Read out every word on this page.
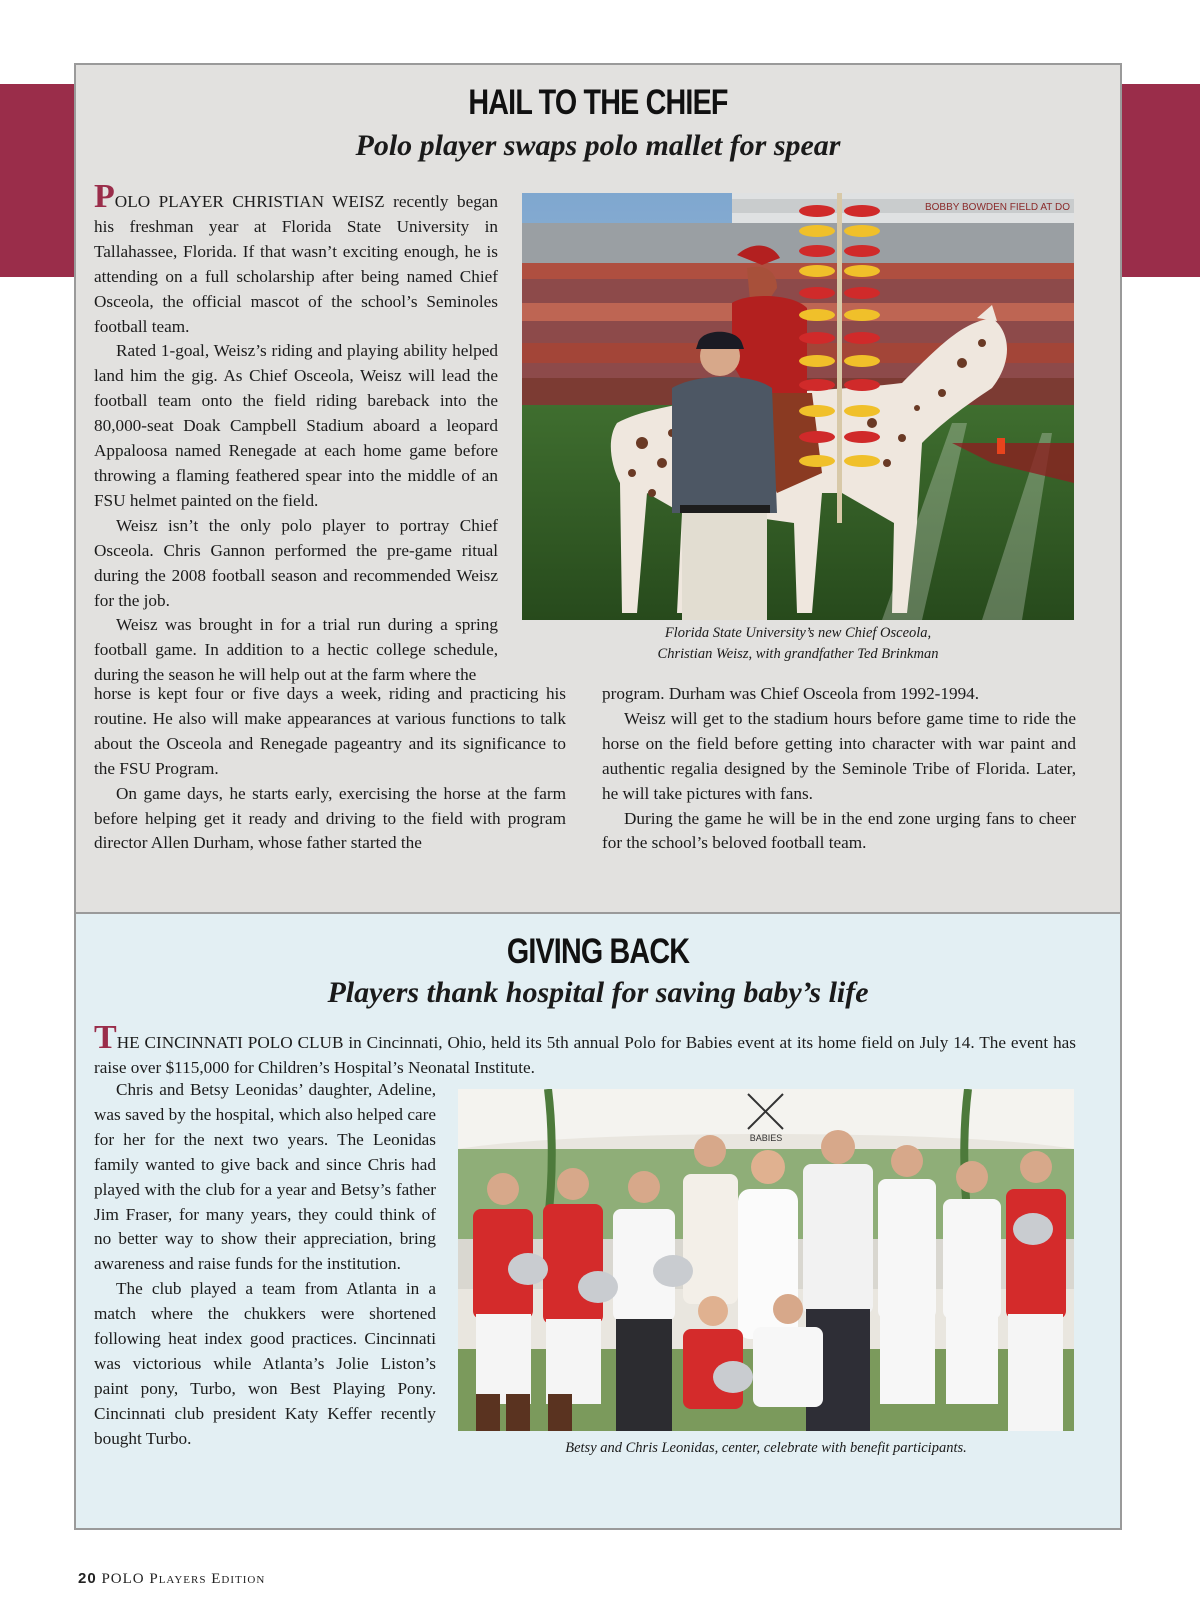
HAIL TO THE CHIEF
Polo player swaps polo mallet for spear

POLO PLAYER CHRISTIAN WEISZ recently began his freshman year at Florida State University in Tallahassee, Florida. If that wasn’t exciting enough, he is attending on a full scholarship after being named Chief Osceola, the official mascot of the school’s Seminoles football team.

Rated 1-goal, Weisz’s riding and playing ability helped land him the gig. As Chief Osceola, Weisz will lead the football team onto the field riding bareback into the 80,000-seat Doak Campbell Stadium aboard a leopard Appaloosa named Renegade at each home game before throwing a flaming feathered spear into the middle of an FSU helmet painted on the field.

Weisz isn’t the only polo player to portray Chief Osceola. Chris Gannon performed the pre-game ritual during the 2008 football season and recommended Weisz for the job.

Weisz was brought in for a trial run during a spring football game. In addition to a hectic college schedule, during the season he will help out at the farm where the

horse is kept four or five days a week, riding and practicing his routine. He also will make appearances at various functions to talk about the Osceola and Renegade pageantry and its significance to the FSU Program.

On game days, he starts early, exercising the horse at the farm before helping get it ready and driving to the field with program director Allen Durham, whose father started the

program. Durham was Chief Osceola from 1992-1994.

Weisz will get to the stadium hours before game time to ride the horse on the field before getting into character with war paint and authentic regalia designed by the Seminole Tribe of Florida. Later, he will take pictures with fans.

During the game he will be in the end zone urging fans to cheer for the school’s beloved football team.

BOBBY BOWDEN FIELD AT DO
Florida State University’s new Chief Osceola,
Christian Weisz, with grandfather Ted Brinkman
GIVING BACK
Players thank hospital for saving baby’s life

THE CINCINNATI POLO CLUB in Cincinnati, Ohio, held its 5th annual Polo for Babies event at its home field on July 14. The event has raise over $115,000 for Children’s Hospital’s Neonatal Institute.

Chris and Betsy Leonidas’ daughter, Adeline, was saved by the hospital, which also helped care for her for the next two years. The Leonidas family wanted to give back and since Chris had played with the club for a year and Betsy’s father Jim Fraser, for many years, they could think of no better way to show their appreciation, bring awareness and raise funds for the institution.

The club played a team from Atlanta in a match where the chukkers were shortened following heat index good practices. Cincinnati was victorious while Atlanta’s Jolie Liston’s paint pony, Turbo, won Best Playing Pony. Cincinnati club president Katy Keffer recently bought Turbo.

BABIES
Betsy and Chris Leonidas, center, celebrate with benefit participants.
20 POLO Players Edition
